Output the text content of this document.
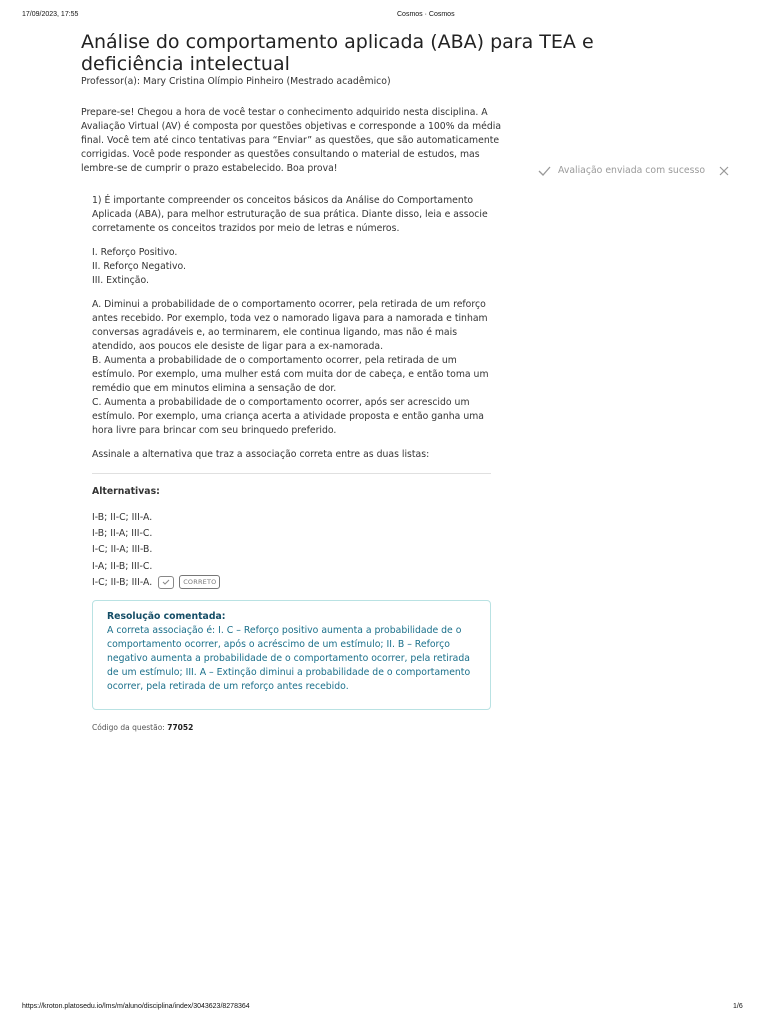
17/09/2023, 17:55	Cosmos · Cosmos
Análise do comportamento aplicada (ABA) para TEA e deficiência intelectual
Professor(a): Mary Cristina Olímpio Pinheiro (Mestrado acadêmico)

Prepare-se! Chegou a hora de você testar o conhecimento adquirido nesta disciplina. A Avaliação Virtual (AV) é composta por questões objetivas e corresponde a 100% da média final. Você tem até cinco tentativas para “Enviar” as questões, que são automaticamente corrigidas. Você pode responder as questões consultando o material de estudos, mas lembre-se de cumprir o prazo estabelecido. Boa prova!	Avaliação enviada com sucesso

1) É importante compreender os conceitos básicos da Análise do Comportamento Aplicada (ABA), para melhor estruturação de sua prática. Diante disso, leia e associe corretamente os conceitos trazidos por meio de letras e números.

I. Reforço Positivo.
II. Reforço Negativo.
III. Extinção.

A. Diminui a probabilidade de o comportamento ocorrer, pela retirada de um reforço antes recebido. Por exemplo, toda vez o namorado ligava para a namorada e tinham conversas agradáveis e, ao terminarem, ele continua ligando, mas não é mais atendido, aos poucos ele desiste de ligar para a ex-namorada.
B. Aumenta a probabilidade de o comportamento ocorrer, pela retirada de um estímulo. Por exemplo, uma mulher está com muita dor de cabeça, e então toma um remédio que em minutos elimina a sensação de dor.
C. Aumenta a probabilidade de o comportamento ocorrer, após ser acrescido um estímulo. Por exemplo, uma criança acerta a atividade proposta e então ganha uma hora livre para brincar com seu brinquedo preferido.

Assinale a alternativa que traz a associação correta entre as duas listas:

Alternativas:
I-B; II-C; III-A.
I-B; II-A; III-C.
I-C; II-A; III-B.
I-A; II-B; III-C.
I-C; II-B; III-A.	CORRETO
Resolução comentada:
A correta associação é: I. C – Reforço positivo aumenta a probabilidade de o comportamento ocorrer, após o acréscimo de um estímulo; II. B – Reforço negativo aumenta a probabilidade de o comportamento ocorrer, pela retirada de um estímulo; III. A – Extinção diminui a probabilidade de o comportamento ocorrer, pela retirada de um reforço antes recebido.
Código da questão: 77052
https://kroton.platosedu.io/lms/m/aluno/disciplina/index/3043623/8278364	1/6
